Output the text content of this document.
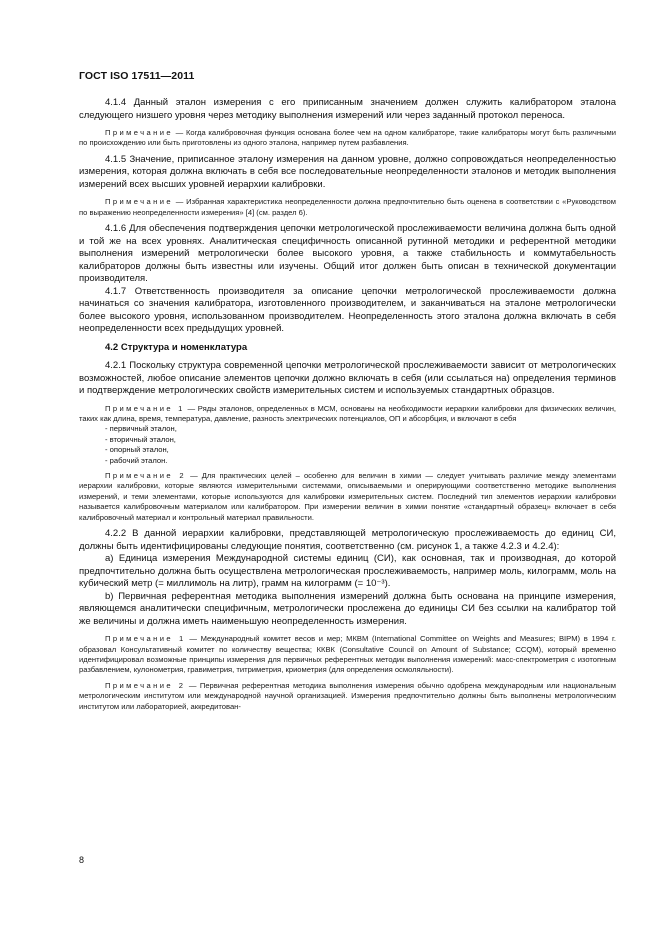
ГОСТ ISO 17511—2011

4.1.4 Данный эталон измерения с его приписанным значением должен служить калибратором эталона следующего низшего уровня через методику выполнения измерений или через заданный протокол переноса.

Примечание — Когда калибровочная функция основана более чем на одном калибраторе, такие калибраторы могут быть различными по происхождению или быть приготовлены из одного эталона, например путем разбавления.

4.1.5 Значение, приписанное эталону измерения на данном уровне, должно сопровождаться неопределенностью измерения, которая должна включать в себя все последовательные неопределенности эталонов и методик выполнения измерений всех высших уровней иерархии калибровки.

Примечание — Избранная характеристика неопределенности должна предпочтительно быть оценена в соответствии с «Руководством по выражению неопределенности измерения» [4] (см. раздел 6).

4.1.6 Для обеспечения подтверждения цепочки метрологической прослеживаемости величина должна быть одной и той же на всех уровнях. Аналитическая специфичность описанной рутинной методики и референтной методики выполнения измерений метрологически более высокого уровня, а также стабильность и коммутабельность калибраторов должны быть известны или изучены. Общий итог должен быть описан в технической документации производителя.

4.1.7 Ответственность производителя за описание цепочки метрологической прослеживаемости должна начинаться со значения калибратора, изготовленного производителем, и заканчиваться на эталоне метрологически более высокого уровня, использованном производителем. Неопределенность этого эталона должна включать в себя неопределенности всех предыдущих уровней.

4.2 Структура и номенклатура

4.2.1 Поскольку структура современной цепочки метрологической прослеживаемости зависит от метрологических возможностей, любое описание элементов цепочки должно включать в себя (или ссылаться на) определения терминов и подтверждение метрологических свойств измерительных систем и используемых стандартных образцов.

Примечание 1 — Ряды эталонов, определенных в МСМ, основаны на необходимости иерархии калибровки для физических величин, таких как длина, время, температура, давление, разность электрических потенциалов, ОП и абсорбция, и включают в себя

- первичный эталон,
- вторичный эталон,
- опорный эталон,
- рабочий эталон.

Примечание 2 — Для практических целей – особенно для величин в химии — следует учитывать различие между элементами иерархии калибровки, которые являются измерительными системами, описываемыми и оперирующими соответственно методике выполнения измерений, и теми элементами, которые используются для калибровки измерительных систем. Последний тип элементов иерархии калибровки называется калибровочным материалом или калибратором. При измерении величин в химии понятие «стандартный образец» включает в себя калибровочный материал и контрольный материал правильности.

4.2.2 В данной иерархии калибровки, представляющей метрологическую прослеживаемость до единиц СИ, должны быть идентифицированы следующие понятия, соответственно (см. рисунок 1, а также 4.2.3 и 4.2.4):

a) Единица измерения Международной системы единиц (СИ), как основная, так и производная, до которой предпочтительно должна быть осуществлена метрологическая прослеживаемость, например моль, килограмм, моль на кубический метр (= миллимоль на литр), грамм на килограмм (= 10⁻³).

b) Первичная референтная методика выполнения измерений должна быть основана на принципе измерения, являющемся аналитически специфичным, метрологически прослежена до единицы СИ без ссылки на калибратор той же величины и должна иметь наименьшую неопределенность измерения.

Примечание 1 — Международный комитет весов и мер; МКВМ (International Committee on Weights and Measures; BIPM) в 1994 г. образовал Консультативный комитет по количеству вещества; ККВК (Consultative Council on Amount of Substance; CCQM), который временно идентифицировал возможные принципы измерения для первичных референтных методик выполнения измерений: масс-спектрометрия с изотопным разбавлением, кулонометрия, гравиметрия, титриметрия, криометрия (для определения осмоляльности).

Примечание 2 — Первичная референтная методика выполнения измерения обычно одобрена международным или национальным метрологическим институтом или международной научной организацией. Измерения предпочтительно должны быть выполнены метрологическим институтом или лабораторией, аккредитован-

8
